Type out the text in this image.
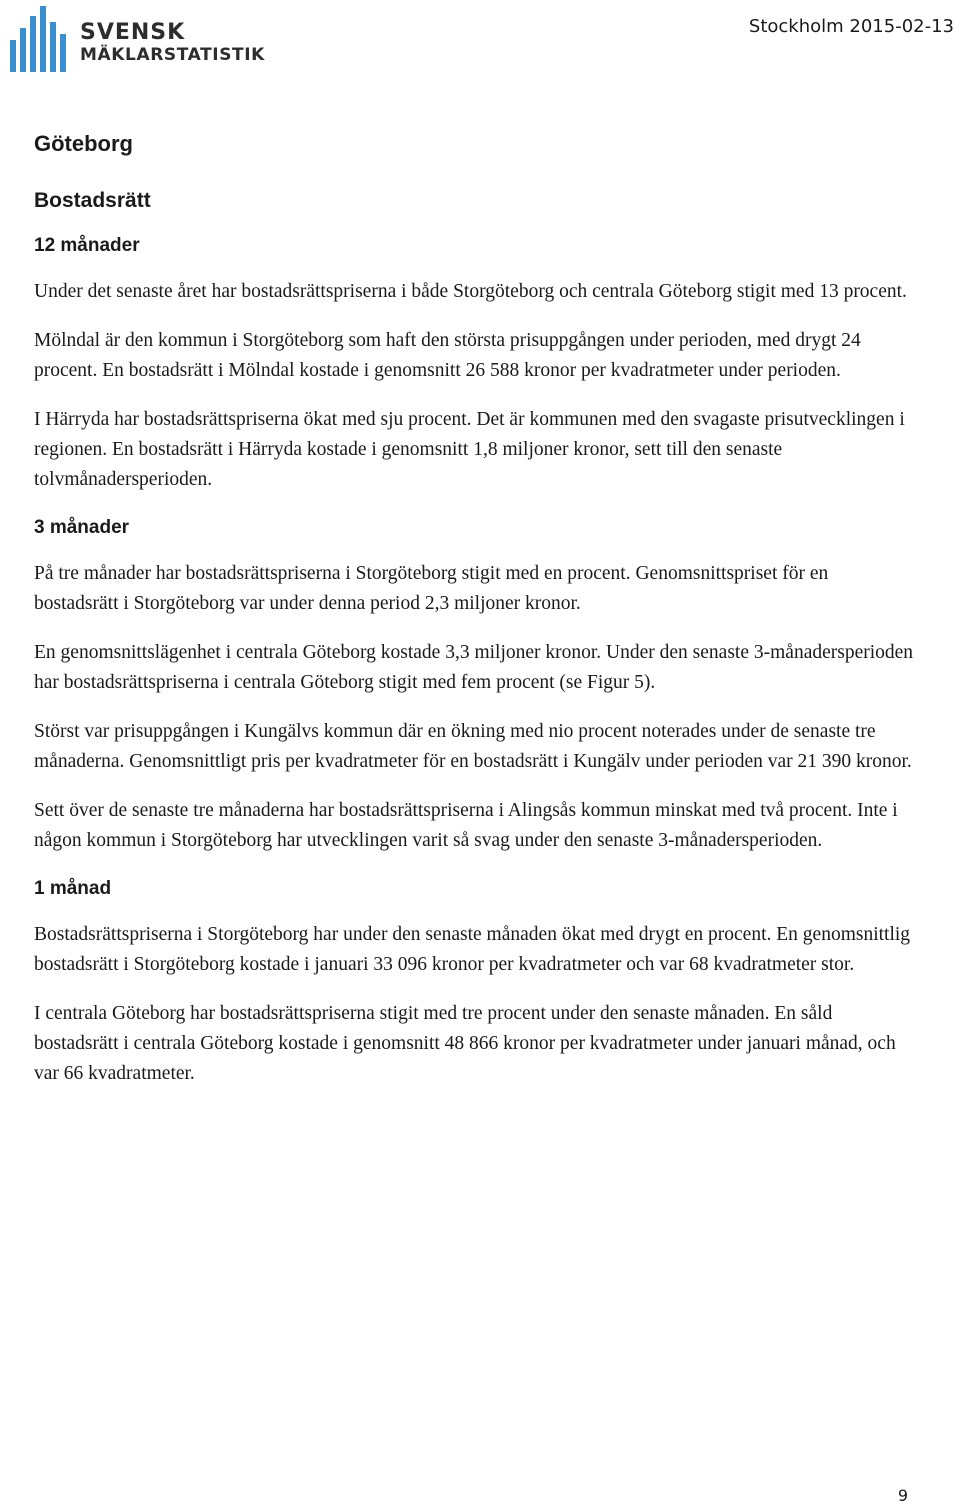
SVENSK
MÄKLARSTATISTIK
Stockholm 2015-02-13
Göteborg
Bostadsrätt
12 månader

Under det senaste året har bostadsrättspriserna i både Storgöteborg och centrala Göteborg stigit med 13 procent.

Mölndal är den kommun i Storgöteborg som haft den största prisuppgången under perioden, med drygt 24 procent. En bostadsrätt i Mölndal kostade i genomsnitt 26 588 kronor per kvadratmeter under perioden.

I Härryda har bostadsrättspriserna ökat med sju procent. Det är kommunen med den svagaste prisutvecklingen i regionen. En bostadsrätt i Härryda kostade i genomsnitt 1,8 miljoner kronor, sett till den senaste tolvmånadersperioden.

3 månader

På tre månader har bostadsrättspriserna i Storgöteborg stigit med en procent. Genomsnittspriset för en bostadsrätt i Storgöteborg var under denna period 2,3 miljoner kronor.

En genomsnittslägenhet i centrala Göteborg kostade 3,3 miljoner kronor. Under den senaste 3-månadersperioden har bostadsrättspriserna i centrala Göteborg stigit med fem procent (se Figur 5).

Störst var prisuppgången i Kungälvs kommun där en ökning med nio procent noterades under de senaste tre månaderna. Genomsnittligt pris per kvadratmeter för en bostadsrätt i Kungälv under perioden var 21 390 kronor.

Sett över de senaste tre månaderna har bostadsrättspriserna i Alingsås kommun minskat med två procent. Inte i någon kommun i Storgöteborg har utvecklingen varit så svag under den senaste 3-månadersperioden.

1 månad

Bostadsrättspriserna i Storgöteborg har under den senaste månaden ökat med drygt en procent. En genomsnittlig bostadsrätt i Storgöteborg kostade i januari 33 096 kronor per kvadratmeter och var 68 kvadratmeter stor.

I centrala Göteborg har bostadsrättspriserna stigit med tre procent under den senaste månaden. En såld bostadsrätt i centrala Göteborg kostade i genomsnitt 48 866 kronor per kvadratmeter under januari månad, och var 66 kvadratmeter.

9
